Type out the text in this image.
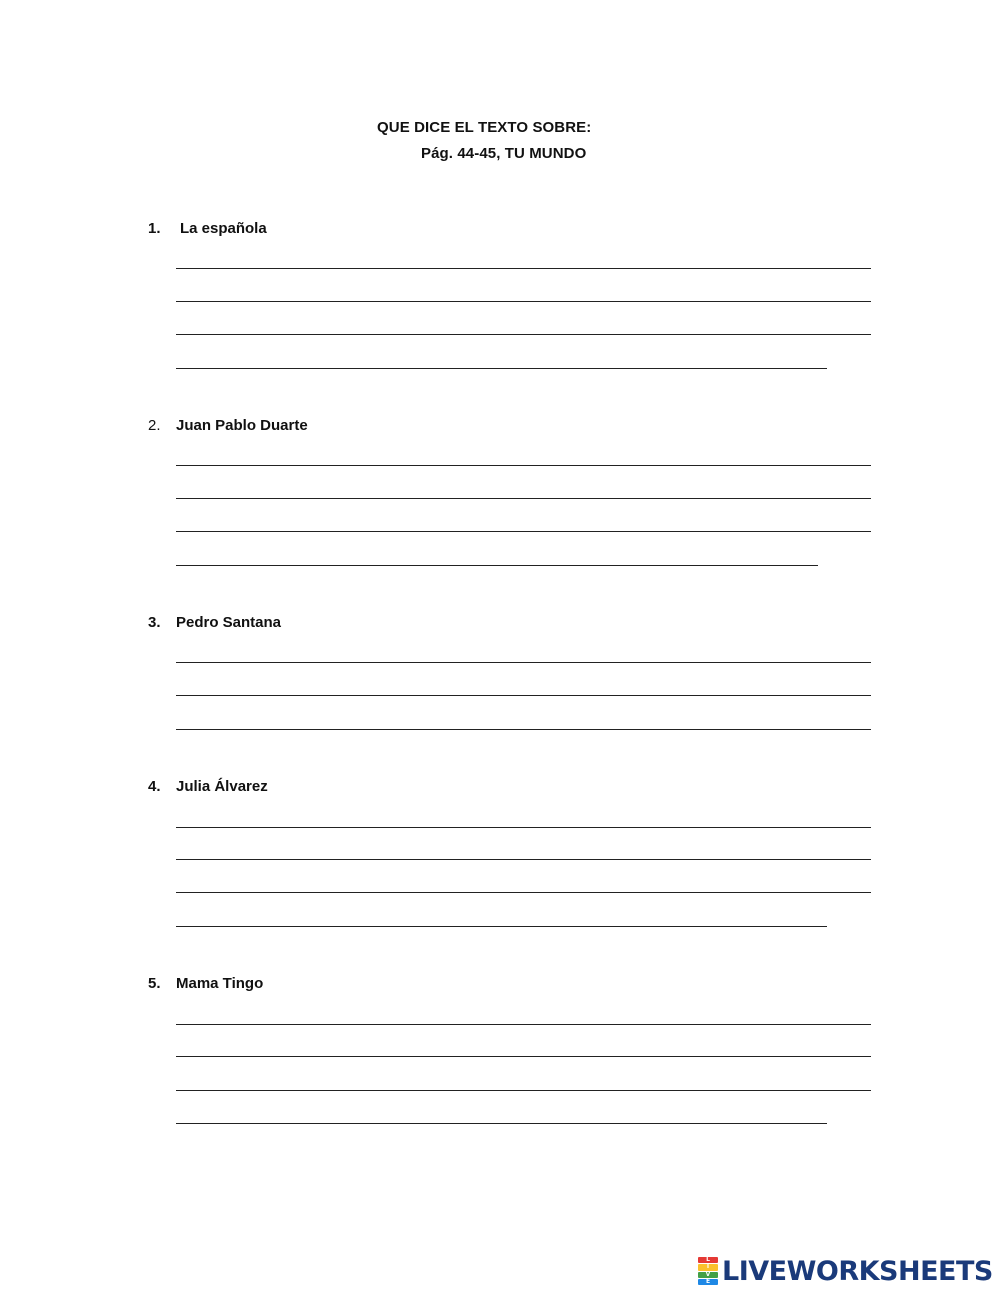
QUE DICE EL TEXTO SOBRE:
Pág. 44-45, TU MUNDO
1.	La española
2.	Juan Pablo Duarte
3.	Pedro Santana
4.	Julia Álvarez
5.	Mama Tingo
L
I
V
E LIVEWORKSHEETS
